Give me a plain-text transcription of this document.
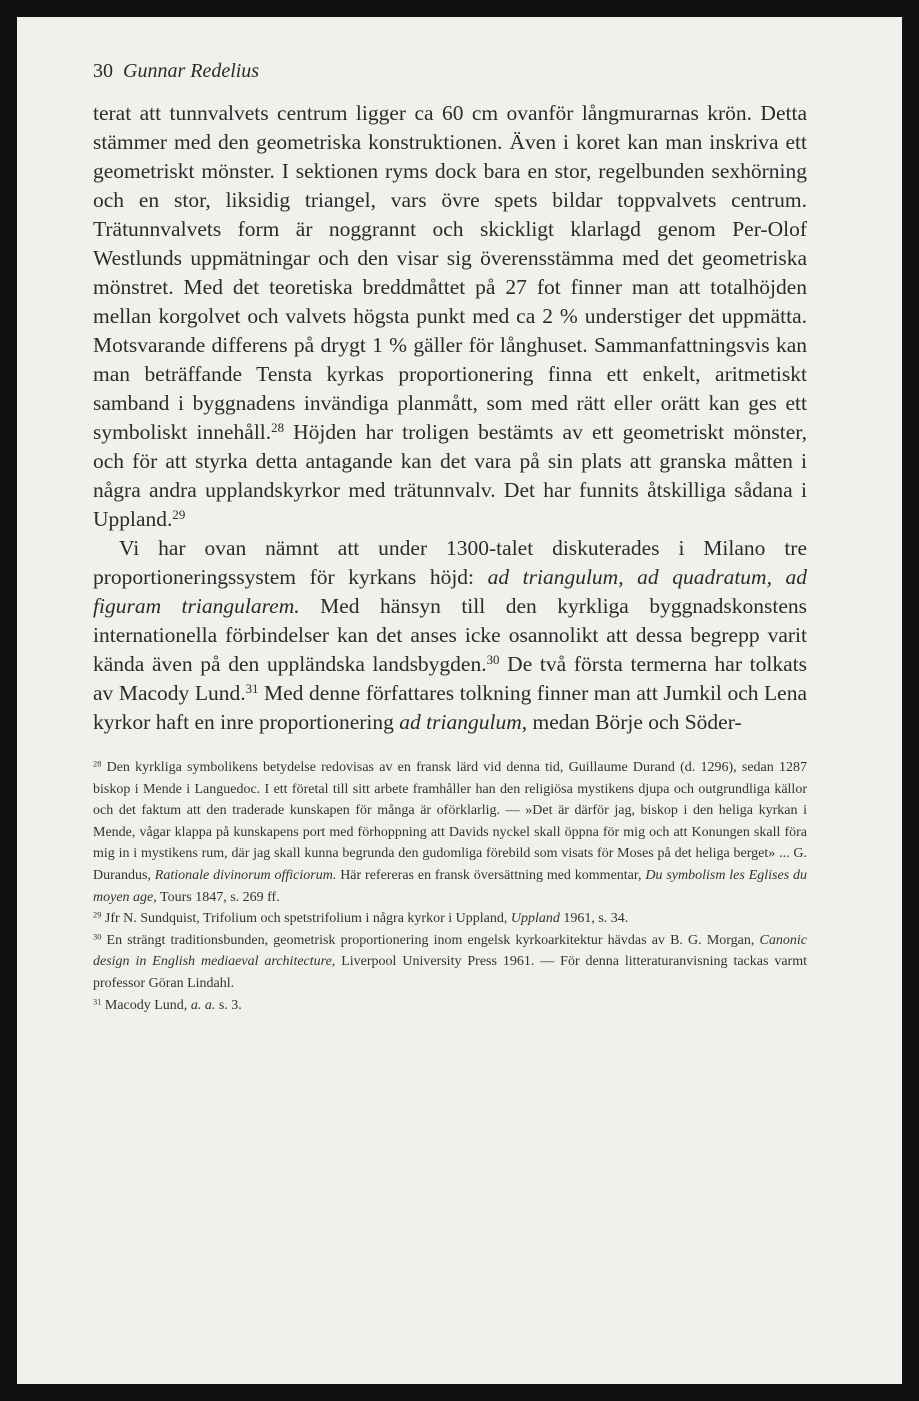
30 Gunnar Redelius

terat att tunnvalvets centrum ligger ca 60 cm ovanför långmurarnas krön. Detta stämmer med den geometriska konstruktionen. Även i koret kan man inskriva ett geometriskt mönster. I sektionen ryms dock bara en stor, regelbunden sexhörning och en stor, liksidig triangel, vars övre spets bildar toppvalvets centrum. Trätunnvalvets form är noggrannt och skickligt klarlagd genom Per-Olof Westlunds uppmätningar och den visar sig överensstämma med det geometriska mönstret. Med det teoretiska breddmåttet på 27 fot finner man att totalhöjden mellan korgolvet och valvets högsta punkt med ca 2 % understiger det uppmätta. Motsvarande differens på drygt 1 % gäller för långhuset. Sammanfattningsvis kan man beträffande Tensta kyrkas proportionering finna ett enkelt, aritmetiskt samband i byggnadens invändiga planmått, som med rätt eller orätt kan ges ett symboliskt innehåll.$^{28}$ Höjden har troligen bestämts av ett geometriskt mönster, och för att styrka detta antagande kan det vara på sin plats att granska måtten i några andra upplandskyrkor med trätunnvalv. Det har funnits åtskilliga sådana i Uppland.$^{29}$

Vi har ovan nämnt att under 1300-talet diskuterades i Milano tre proportioneringssystem för kyrkans höjd: ad triangulum, ad quadratum, ad figuram triangularem. Med hänsyn till den kyrkliga byggnadskonstens internationella förbindelser kan det anses icke osannolikt att dessa begrepp varit kända även på den uppländska landsbygden.$^{30}$ De två första termerna har tolkats av Macody Lund.$^{31}$ Med denne författares tolkning finner man att Jumkil och Lena kyrkor haft en inre proportionering ad triangulum, medan Börje och Söder-

$^{28}$ Den kyrkliga symbolikens betydelse redovisas av en fransk lärd vid denna tid, Guillaume Durand (d. 1296), sedan 1287 biskop i Mende i Languedoc. I ett företal till sitt arbete framhåller han den religiösa mystikens djupa och outgrundliga källor och det faktum att den traderade kunskapen för många är oförklarlig. — »Det är därför jag, biskop i den heliga kyrkan i Mende, vågar klappa på kunskapens port med förhoppning att Davids nyckel skall öppna för mig och att Konungen skall föra mig in i mystikens rum, där jag skall kunna begrunda den gudomliga förebild som visats för Moses på det heliga berget» ... G. Durandus, Rationale divinorum officiorum. Här refereras en fransk översättning med kommentar, Du symbolism les Eglises du moyen age, Tours 1847, s. 269 ff.

$^{29}$ Jfr N. Sundquist, Trifolium och spetstrifolium i några kyrkor i Uppland, Uppland 1961, s. 34.

$^{30}$ En strängt traditionsbunden, geometrisk proportionering inom engelsk kyrkoarkitektur hävdas av B. G. Morgan, Canonic design in English mediaeval architecture, Liverpool University Press 1961. — För denna litteraturanvisning tackas varmt professor Göran Lindahl.

$^{31}$ Macody Lund, a. a. s. 3.
